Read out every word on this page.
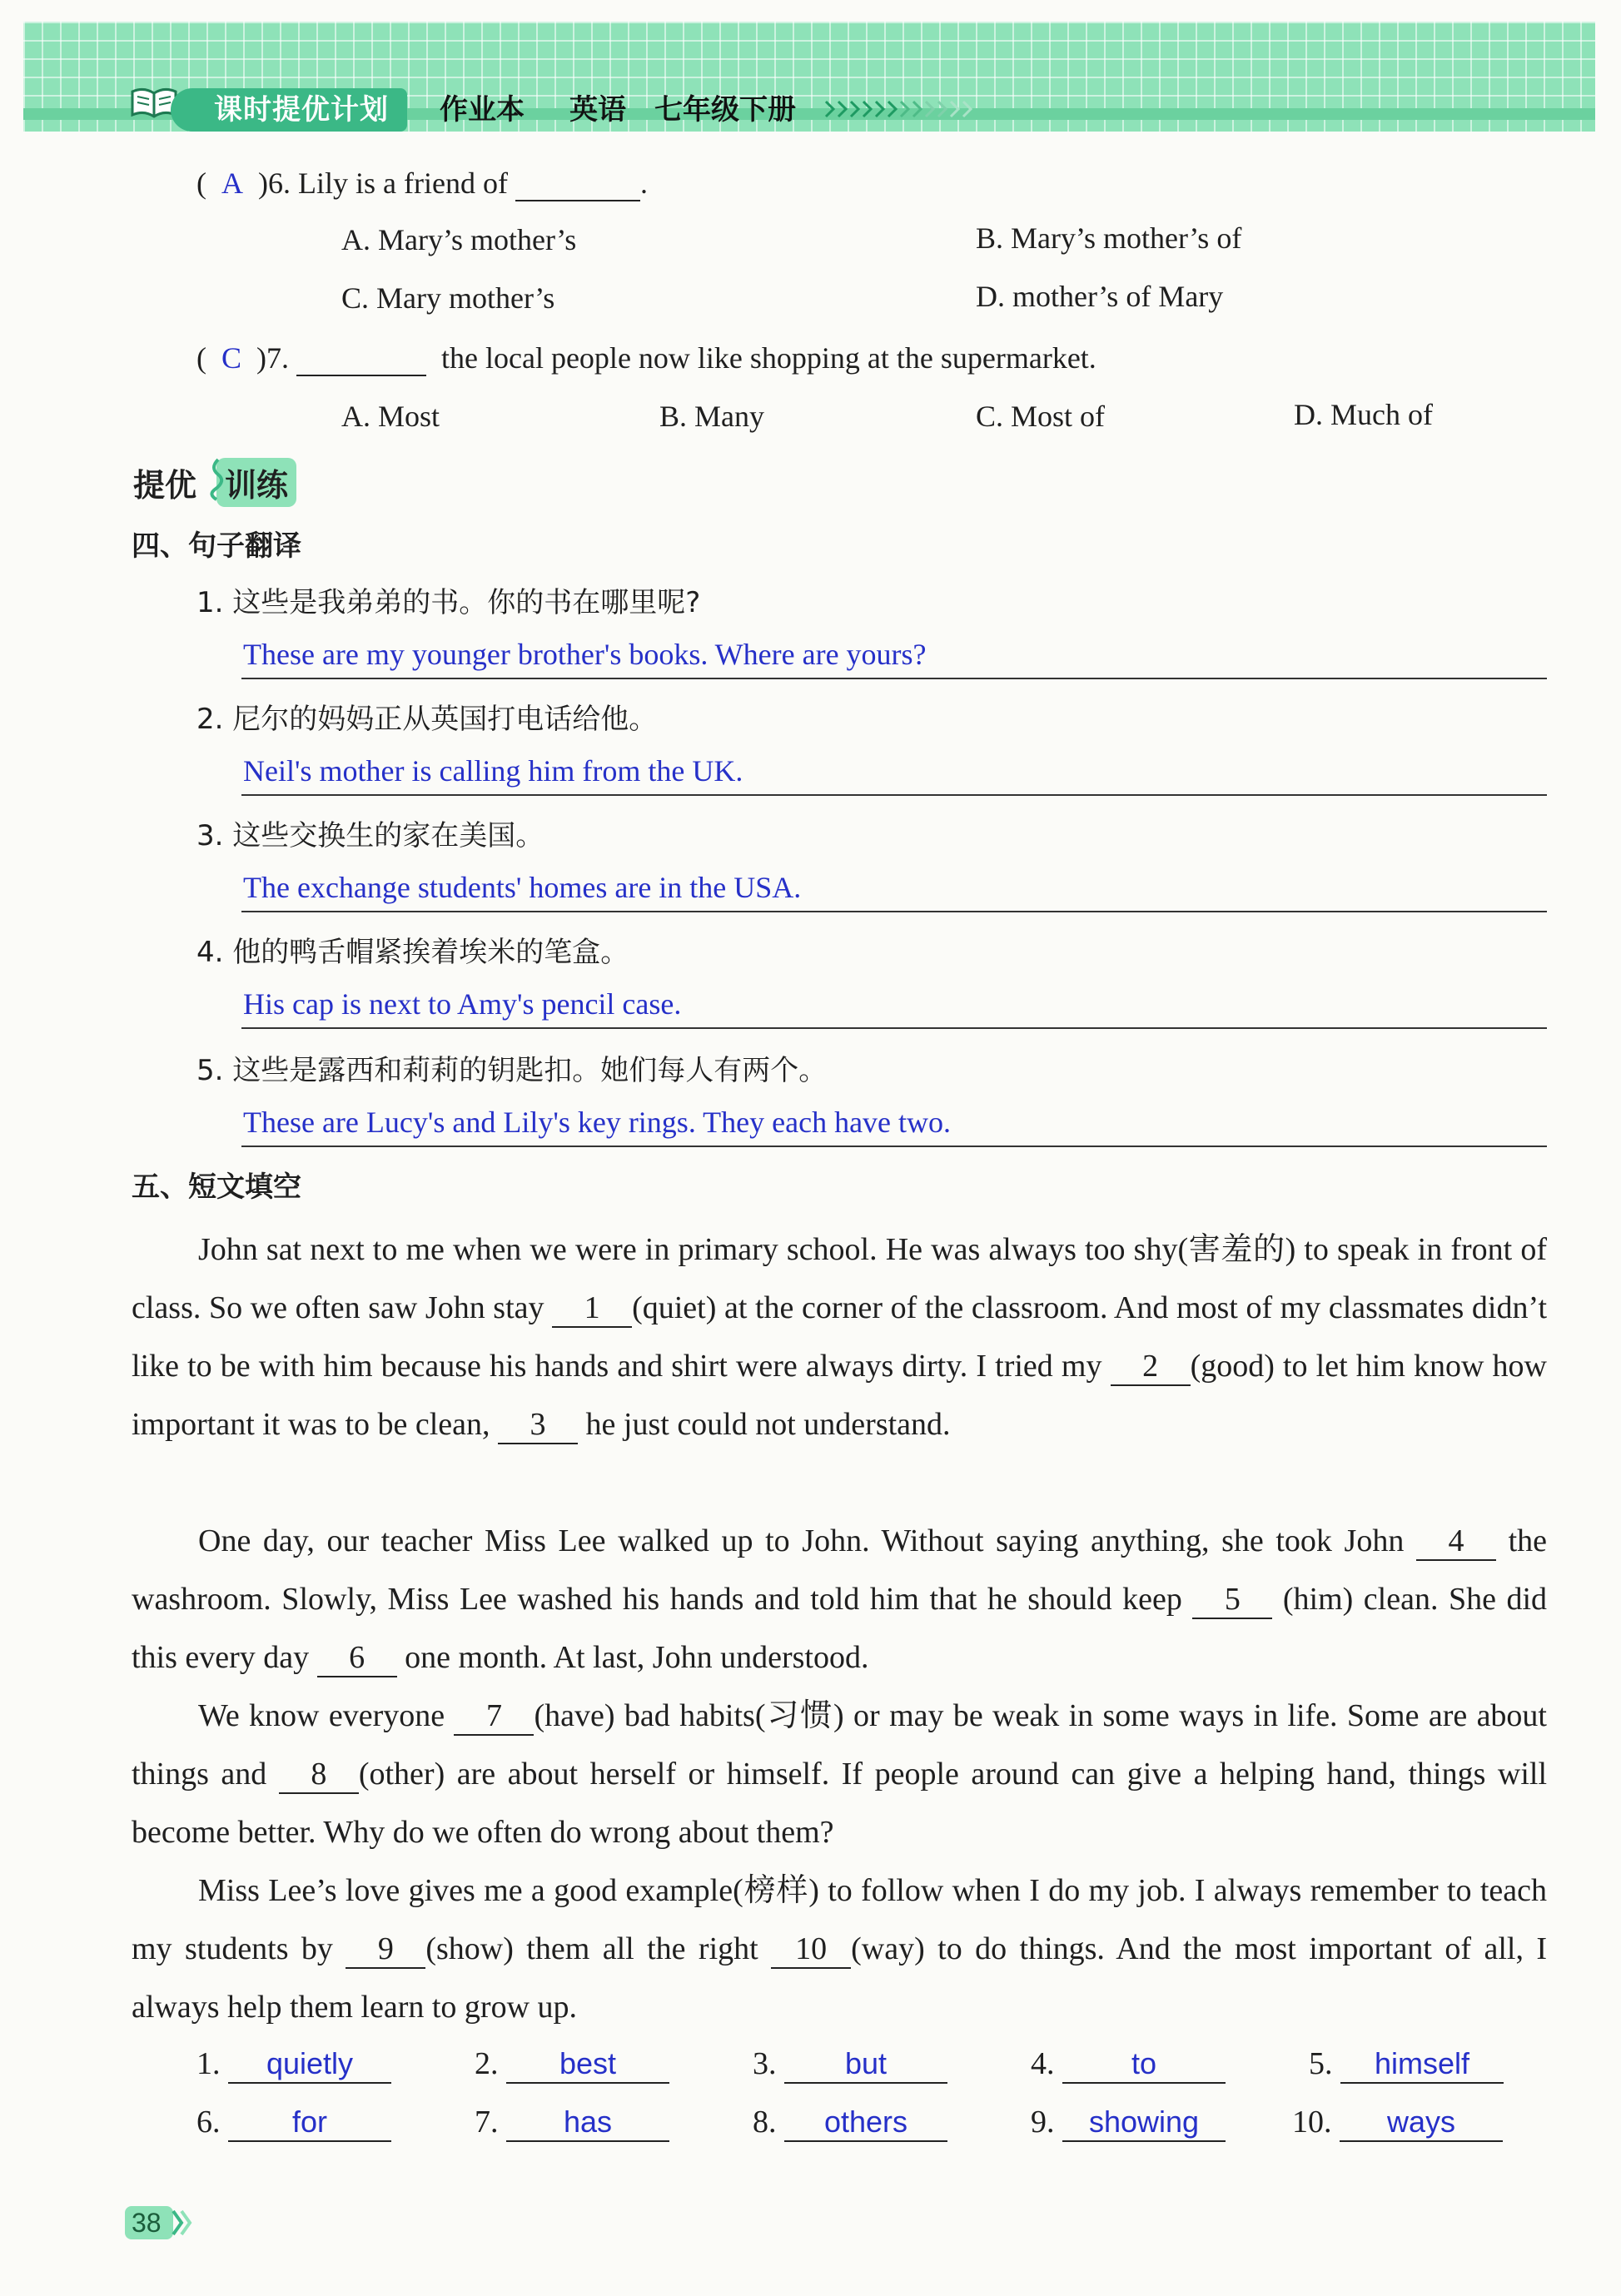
课时提优计划	作业本 英语 七年级下册
( A )6. Lily is a friend of	.
A. Mary’s mother’s	B. Mary’s mother’s of
C. Mary mother’s	D. mother’s of Mary
( C )7.	the local people now like shopping at the supermarket.
A. Most	B. Many	C. Most of	D. Much of
提优 训练
四、句子翻译
1. 这些是我弟弟的书。你的书在哪里呢?
These are my younger brother's books. Where are yours?
2. 尼尔的妈妈正从英国打电话给他。
Neil's mother is calling him from the UK.
3. 这些交换生的家在美国。
The exchange students' homes are in the USA.
4. 他的鸭舌帽紧挨着埃米的笔盒。
His cap is next to Amy's pencil case.
5. 这些是露西和莉莉的钥匙扣。她们每人有两个。
These are Lucy's and Lily's key rings. They each have two.
五、短文填空
John sat next to me when we were in primary school. He was always too shy(害羞的) to speak in front of class. So we often saw John stay 1 (quiet) at the corner of the classroom. And most of my classmates didn’t like to be with him because his hands and shirt were always dirty. I tried my 2 (good) to let him know how important it was to be clean, 3 he just could not understand.
One day, our teacher Miss Lee walked up to John. Without saying anything, she took John 4 the washroom. Slowly, Miss Lee washed his hands and told him that he should keep 5 (him) clean. She did this every day 6 one month. At last, John understood.
We know everyone 7 (have) bad habits(习惯) or may be weak in some ways in life. Some are about things and 8 (other) are about herself or himself. If people around can give a helping hand, things will become better. Why do we often do wrong about them?
Miss Lee’s love gives me a good example(榜样) to follow when I do my job. I always remember to teach my students by 9 (show) them all the right 10 (way) to do things. And the most important of all, I always help them learn to grow up.
1. quietly	2. best	3. but	4.	to	5. himself
6. for	7. has	8. others	9. showing	10. ways
38
